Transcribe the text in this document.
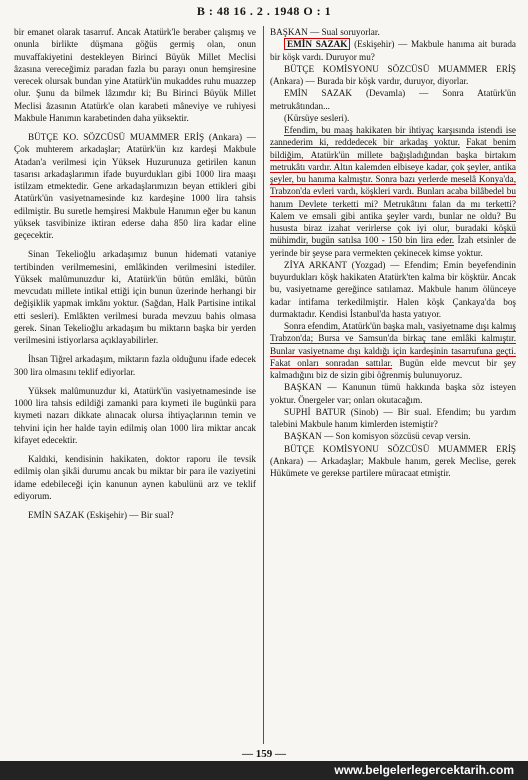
B : 48 16 . 2 . 1948 O : 1

bir emanet olarak tasarruf. Ancak Atatürk'le beraber çalışmış ve onunla birlikte düşmana göğüs germiş olan, onun muvaffakiyetini destekleyen Birinci Büyük Millet Meclisi âzasına vereceğimiz paradan fazla bu parayı onun hemşiresine verecek olursak bundan yine Atatürk'ün mukaddes ruhu muazzep olur. Şunu da bilmek lâzımdır ki; Bu Birinci Büyük Millet Meclisi âzasının Atatürk'e olan karabeti mâneviye ve ruhiyesi Makbule Hanımın karabetinden daha yüksektir.

BÜTÇE KO. SÖZCÜSÜ MUAMMER ERİŞ (Ankara) — Çok muhterem arkadaşlar; Atatürk'ün kız kardeşi Makbule Atadan'a verilmesi için Yüksek Huzurunuza getirilen kanun tasarısı arkadaşlarımın ifade buyurdukları gibi 1000 lira maaşı istilzam etmektedir. Gene arkadaşlarımızın beyan ettikleri gibi Atatürk'ün vasiyetnamesinde kız kardeşine 1000 lira tahsis edilmiştir. Bu suretle hemşiresi Makbule Hanımın eğer bu kanun yüksek tasvibinize iktiran ederse daha 850 lira kadar eline geçecektir.

Sinan Tekelioğlu arkadaşımız bunun hidemati vataniye tertibinden verilmemesini, emlâkinden verilmesini istediler. Yüksek malûmunuzdur ki, Atatürk'ün bütün emlâki, bütün mevcudatı millete intikal ettiği için bunun üzerinde herhangi bir değişiklik yapmak imkânı yoktur. (Sağdan, Halk Partisine intikal etti sesleri). Emlâkten verilmesi burada mevzuu bahis olmasa gerek. Sinan Tekelioğlu arkadaşım bu miktarın başka bir yerden verilmesini istiyorlarsa açıklayabilirler.

İhsan Tiğrel arkadaşım, miktarın fazla olduğunu ifade edecek 300 lira olmasını teklif ediyorlar.

Yüksek malûmunuzdur ki, Atatürk'ün vasiyetnamesinde ise 1000 lira tahsis edildiği zamanki para kıymeti ile bugünkü para kıymeti nazarı dikkate alınacak olursa ihtiyaçlarının temin ve tehvini için her halde tayin edilmiş olan 1000 lira miktar ancak kifayet edecektir.

Kaldıki, kendisinin hakikaten, doktor raporu ile tevsik edilmiş olan şikâi durumu ancak bu miktar bir para ile vaziyetini idame edebileceği için kanunun aynen kabulünü arz ve teklif ediyorum.

EMİN SAZAK (Eskişehir) — Bir sual?

BAŞKAN — Sual soruyorlar.

EMİN SAZAK (Eskişehir) — Makbule hanıma ait burada bir köşk vardı. Duruyor mu?

BÜTÇE KOMİSYONU SÖZCÜSÜ MUAMMER ERİŞ (Ankara) — Burada bir köşk vardır, duruyor, diyorlar.

EMİN SAZAK (Devamla) — Sonra Atatürk'ün metrukâtından...

(Kürsüye sesleri).

Efendim, bu maaş hakikaten bir ihtiyaç karşısında istendi ise zannederim ki, reddedecek bir arkadaş yoktur. Fakat benim bildiğim, Atatürk'ün millete bağışladığından başka birtakım metrukâtı vardır. Altın kalemden elbiseye kadar, çok şeyler, antika şeyler, bu hanıma kalmıştır. Sonra bazı yerlerde meselâ Konya'da, Trabzon'da evleri vardı, köşkleri vardı. Bunları acaba bilâbedel bu hanım Devlete terketti mi? Metrukâtını falan da mı terketti? Kalem ve emsali gibi antika şeyler vardı, bunlar ne oldu? Bu hususta biraz izahat verirlerse çok iyi olur, buradaki köşkü mühimdir, bugün satılsa 100 - 150 bin lira eder. İzah etsinler de yerinde bir şeyse para vermekten çekinecek kimse yoktur.

ZİYA ARKANT (Yozgad) — Efendim; Emin beyefendinin buyurdukları köşk hakikaten Atatürk'ten kalma bir köşktür. Ancak bu, vasiyetname gereğince satılamaz. Makbule hanım ölünceye kadar intifama terkedilmiştir. Halen köşk Çankaya'da boş durmaktadır. Kendisi İstanbul'da hasta yatıyor.

Sonra efendim, Atatürk'ün başka malı, vasiyetname dışı kalmış Trabzon'da; Bursa ve Samsun'da birkaç tane emlâki kalmıştır. Bunlar vasiyetname dışı kaldığı için kardeşinin tasarrufuna geçti. Fakat onları sonradan sattılar. Bugün elde mevcut bir şey kalmadığını biz de sizin gibi öğrenmiş bulunuyoruz.

BAŞKAN — Kanunun tümü hakkında başka söz isteyen yoktur. Önergeler var; onları okutacağım.

SUPHİ BATUR (Sinob) — Bir sual. Efendim; bu yardım talebini Makbule hanım kimlerden istemiştir?

BAŞKAN — Son komisyon sözcüsü cevap versin.

BÜTÇE KOMİSYONU SÖZCÜSÜ MUAMMER ERİŞ (Ankara) — Arkadaşlar; Makbule hanım, gerek Meclise, gerek Hükümete ve gerekse partilere müracaat etmiştir.

— 159 —
www.belgelerlegercektarih.com
